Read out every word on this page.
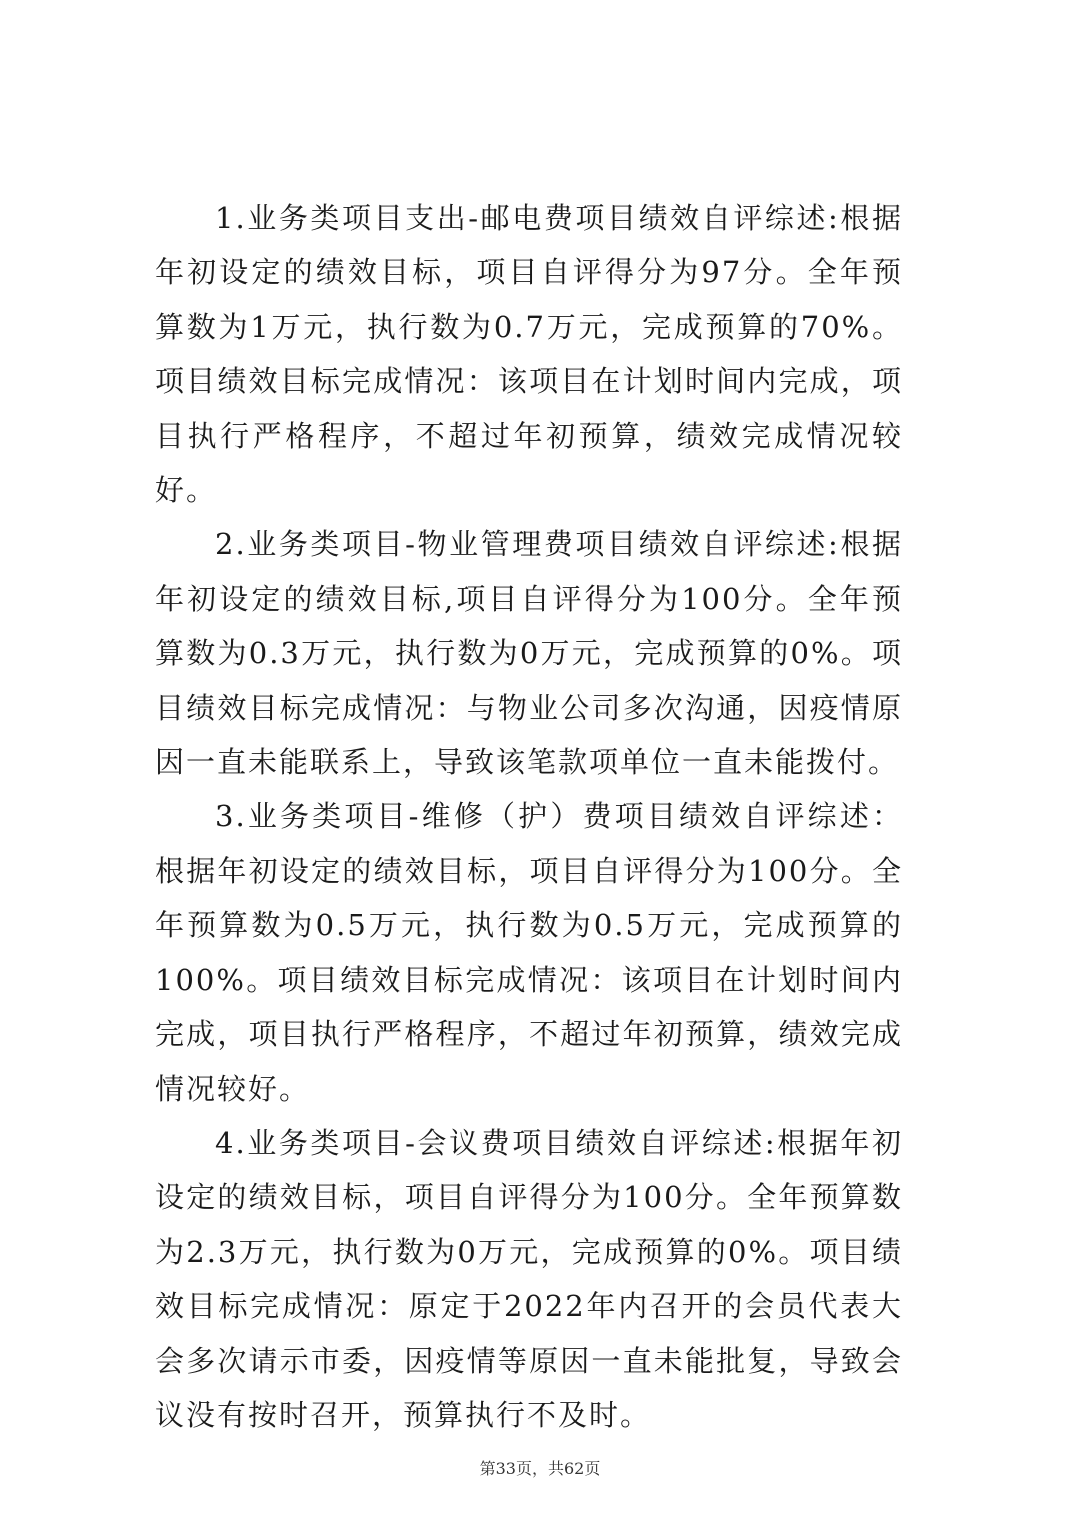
1.业务类项目支出-邮电费项目绩效自评综述:根据年初设定的绩效目标，项目自评得分为97分。全年预算数为1万元，执行数为0.7万元，完成预算的70%。项目绩效目标完成情况：该项目在计划时间内完成，项目执行严格程序，不超过年初预算，绩效完成情况较好。

2.业务类项目-物业管理费项目绩效自评综述:根据年初设定的绩效目标,项目自评得分为100分。全年预算数为0.3万元，执行数为0万元，完成预算的0%。项目绩效目标完成情况：与物业公司多次沟通，因疫情原因一直未能联系上，导致该笔款项单位一直未能拨付。

3.业务类项目-维修（护）费项目绩效自评综述：根据年初设定的绩效目标，项目自评得分为100分。全年预算数为0.5万元，执行数为0.5万元，完成预算的100%。项目绩效目标完成情况：该项目在计划时间内完成，项目执行严格程序，不超过年初预算，绩效完成情况较好。

4.业务类项目-会议费项目绩效自评综述:根据年初设定的绩效目标，项目自评得分为100分。全年预算数为2.3万元，执行数为0万元，完成预算的0%。项目绩效目标完成情况：原定于2022年内召开的会员代表大会多次请示市委，因疫情等原因一直未能批复，导致会议没有按时召开，预算执行不及时。

第33页，共62页
